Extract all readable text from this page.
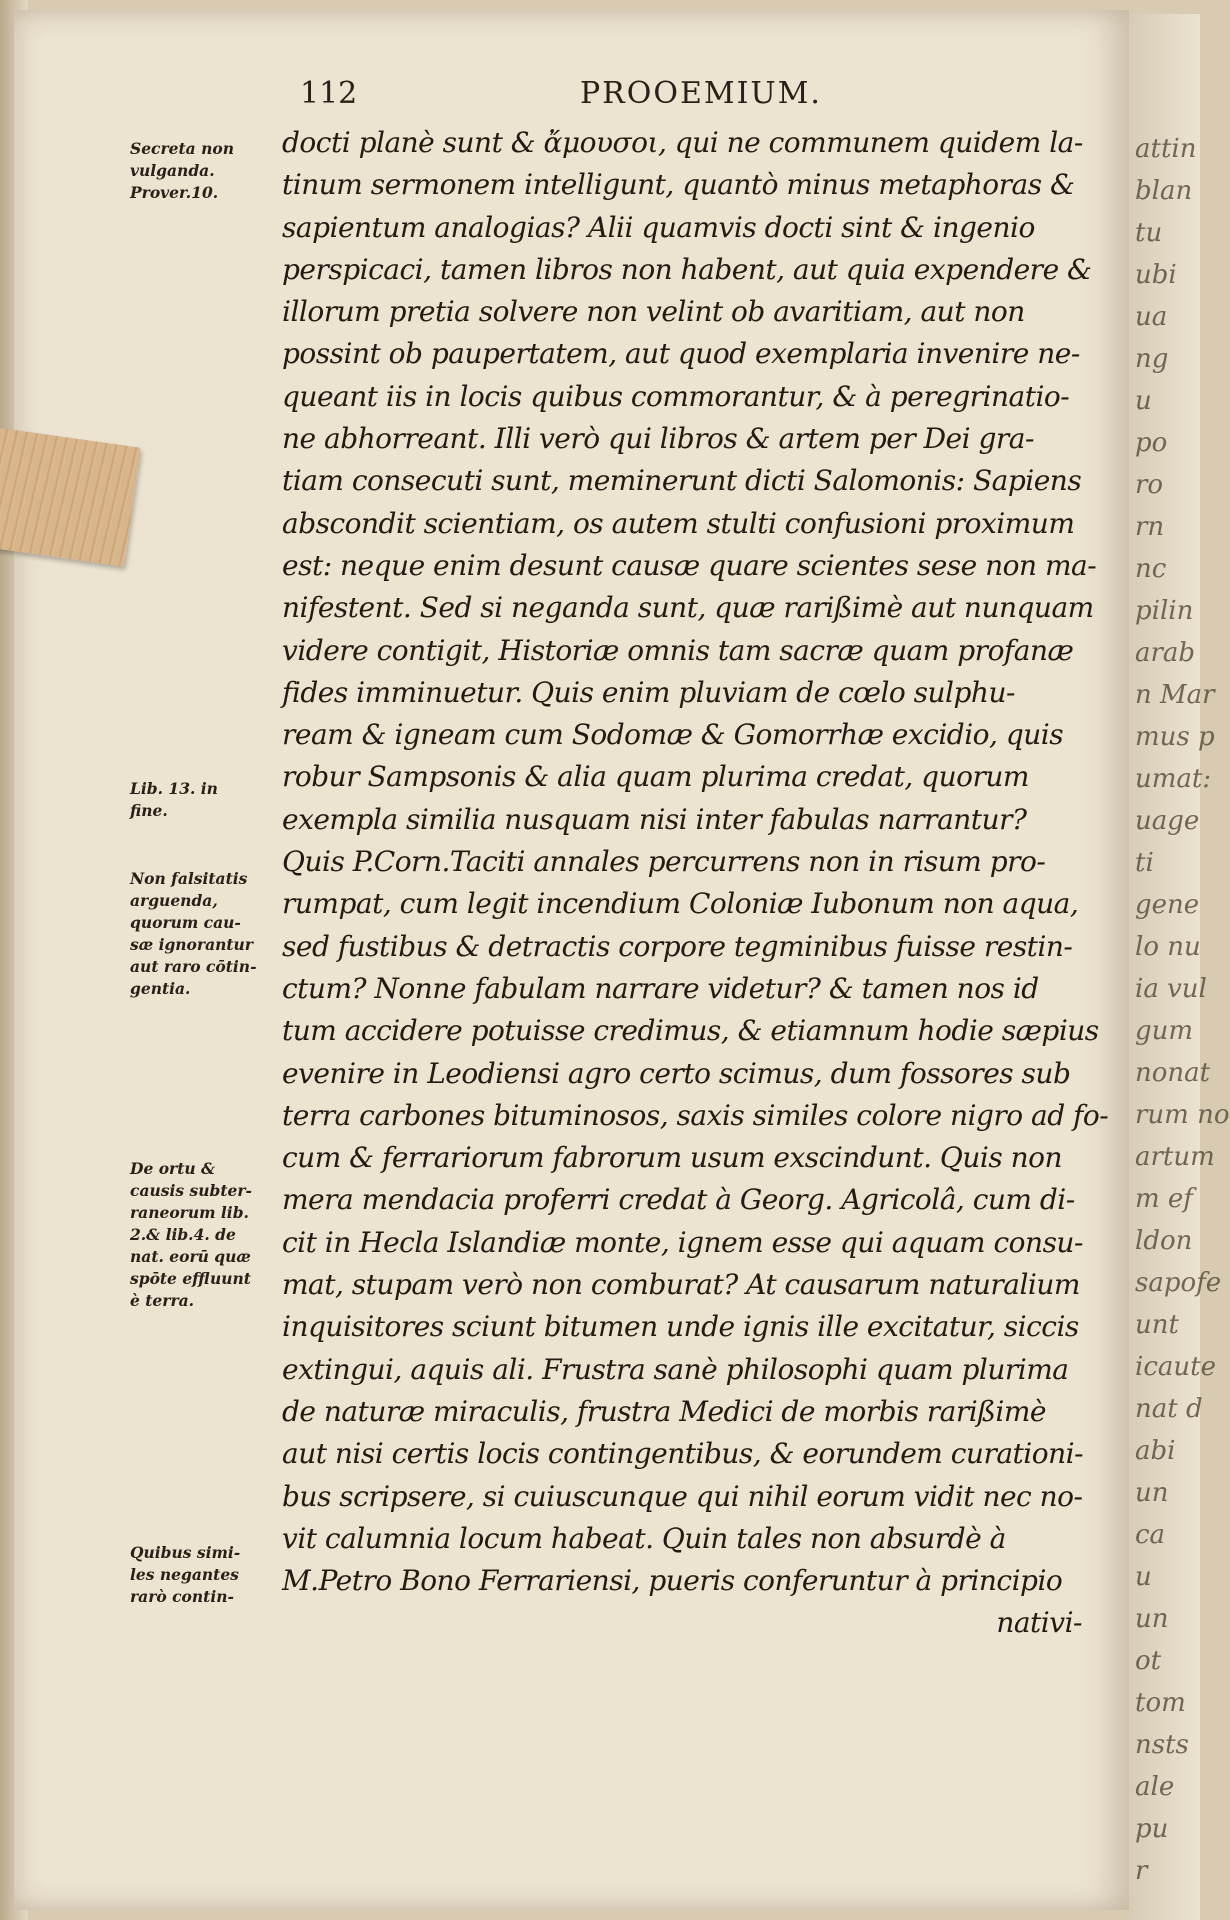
attin
blan
tu
ubi
ua
ng
u
po
ro
rn
nc
pilin
arab
n Mar
mus p
umat:
uage
ti
gene
lo nu
ia vul
gum
nonat
rum no
artum
m ef
ldon
sapofe
unt
icaute
nat d
abi
un
ca
u
un
ot
tom
nsts
ale
pu
r
112	PROOEMIUM.
Secreta non
vulganda.
Prover.10.
Lib. 13. in
fine.
Non falsitatis
arguenda,
quorum cau-
sæ ignorantur
aut raro cōtin-
gentia.
De ortu &
causis subter-
raneorum lib.
2.& lib.4. de
nat. eorū quæ
spōte effluunt
è terra.
Quibus simi-
les negantes
rarò contin-
docti planè sunt & ἄμουσοι, qui ne communem quidem la-
tinum sermonem intelligunt, quantò minus metaphoras &
sapientum analogias? Alii quamvis docti sint & ingenio
perspicaci, tamen libros non habent, aut quia expendere &
illorum pretia solvere non velint ob avaritiam, aut non
possint ob paupertatem, aut quod exemplaria invenire ne-
queant iis in locis quibus commorantur, & à peregrinatio-
ne abhorreant. Illi verò qui libros & artem per Dei gra-
tiam consecuti sunt, meminerunt dicti Salomonis: Sapiens
abscondit scientiam, os autem stulti confusioni proximum
est: neque enim desunt causæ quare scientes sese non ma-
nifestent. Sed si neganda sunt, quæ rarißimè aut nunquam
videre contigit, Historiæ omnis tam sacræ quam profanæ
fides imminuetur. Quis enim pluviam de cœlo sulphu-
ream & igneam cum Sodomæ & Gomorrhæ excidio, quis
robur Sampsonis & alia quam plurima credat, quorum
exempla similia nusquam nisi inter fabulas narrantur?
Quis P.Corn.Taciti annales percurrens non in risum pro-
rumpat, cum legit incendium Coloniæ Iubonum non aqua,
sed fustibus & detractis corpore tegminibus fuisse restin-
ctum? Nonne fabulam narrare videtur? & tamen nos id
tum accidere potuisse credimus, & etiamnum hodie sæpius
evenire in Leodiensi agro certo scimus, dum fossores sub
terra carbones bituminosos, saxis similes colore nigro ad fo-
cum & ferrariorum fabrorum usum exscindunt. Quis non
mera mendacia proferri credat à Georg. Agricolâ, cum di-
cit in Hecla Islandiæ monte, ignem esse qui aquam consu-
mat, stupam verò non comburat? At causarum naturalium
inquisitores sciunt bitumen unde ignis ille excitatur, siccis
extingui, aquis ali. Frustra sanè philosophi quam plurima
de naturæ miraculis, frustra Medici de morbis rarißimè
aut nisi certis locis contingentibus, & eorundem curationi-
bus scripsere, si cuiuscunque qui nihil eorum vidit nec no-
vit calumnia locum habeat. Quin tales non absurdè à
M.Petro Bono Ferrariensi, pueris conferuntur à principio
nativi-
